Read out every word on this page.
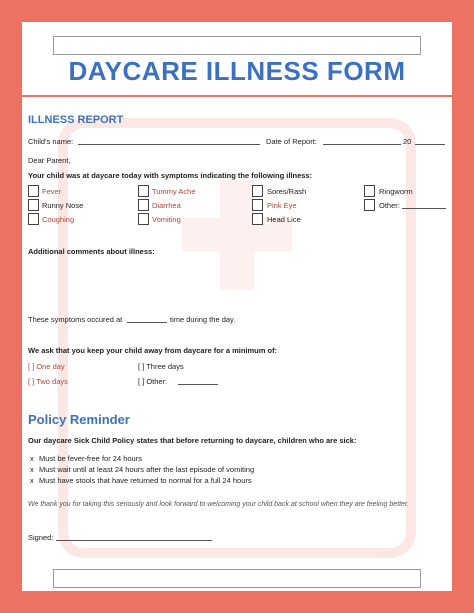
DAYCARE ILLNESS FORM
ILLNESS REPORT
Child's name:	Date of Report:	20
Dear Parent,
Your child was at daycare today with symptoms indicating the following illness:
Fever	Tummy Ache	Sores/Rash	Ringworm
Runny Nose	Diarrhea	Pink Eye	Other:
Coughing	Vomiting	Head Lice
Additional comments about illness:
These symptoms occured at	time during the day.
We ask that you keep your child away from daycare for a minimum of:
[ ] One day	[ ] Three days
[ ] Two days	[ ] Other:
Policy Reminder
Our daycare Sick Child Policy states that before returning to daycare, children who are sick:
x Must be fever-free for 24 hours
x Must wait until at least 24 hours after the last episode of vomiting
x Must have stools that have returned to normal for a full 24 hours
We thank you for taking this seriously and look forward to welcoming your child back at school when they are feeling better.
Signed:
